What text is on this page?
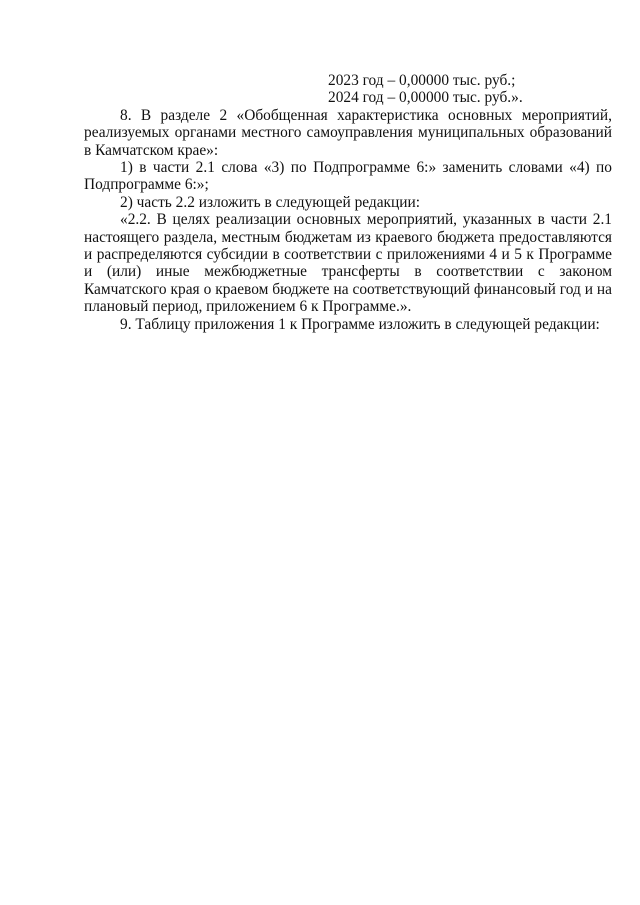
2023 год – 0,00000 тыс. руб.;
2024 год – 0,00000 тыс. руб.».

8. В разделе 2 «Обобщенная характеристика основных мероприятий, реализуемых органами местного самоуправления муниципальных образований в Камчатском крае»:

1) в части 2.1 слова «3) по Подпрограмме 6:» заменить словами «4) по Подпрограмме 6:»;

2) часть 2.2 изложить в следующей редакции:

«2.2. В целях реализации основных мероприятий, указанных в части 2.1 настоящего раздела, местным бюджетам из краевого бюджета предоставляются и распределяются субсидии в соответствии с приложениями 4 и 5 к Программе и (или) иные межбюджетные трансферты в соответствии с законом Камчатского края о краевом бюджете на соответствующий финансовый год и на плановый период, приложением 6 к Программе.».

9. Таблицу приложения 1 к Программе изложить в следующей редакции:
